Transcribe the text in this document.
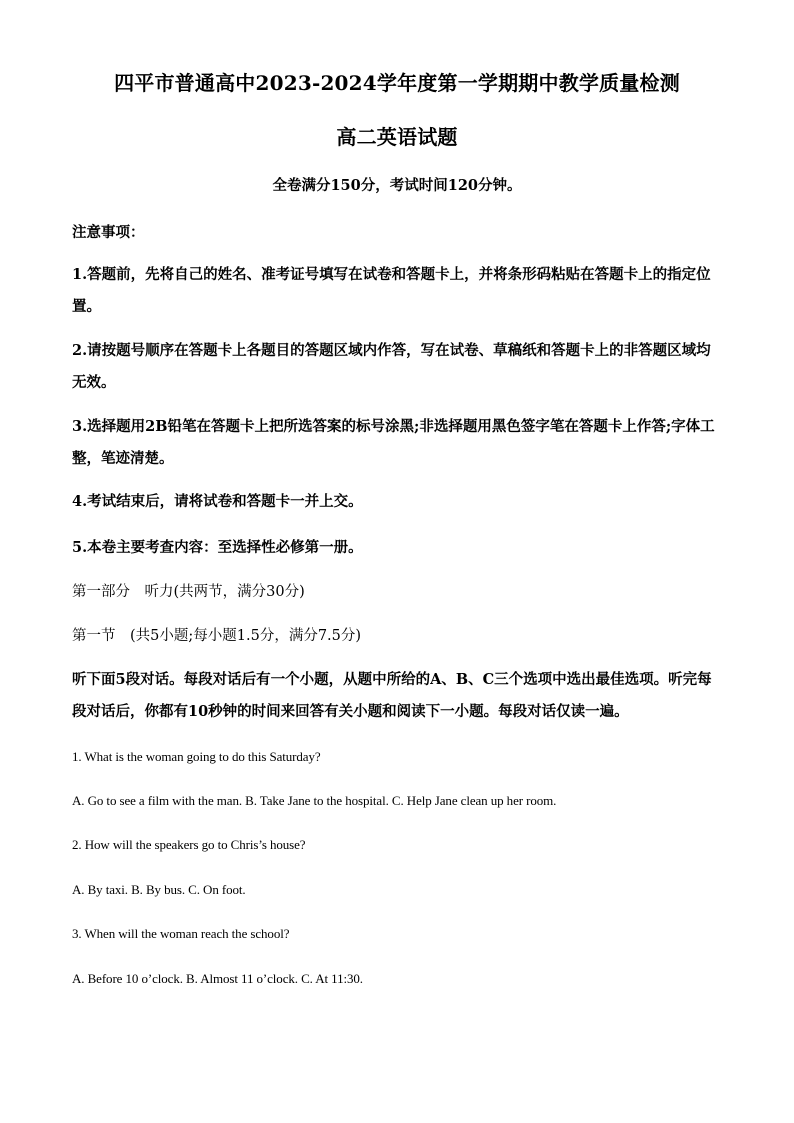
四平市普通高中2023-2024学年度第一学期期中教学质量检测
高二英语试题
全卷满分150分，考试时间120分钟。
注意事项：
1.答题前，先将自己的姓名、准考证号填写在试卷和答题卡上，并将条形码粘贴在答题卡上的指定位置。
2.请按题号顺序在答题卡上各题目的答题区域内作答，写在试卷、草稿纸和答题卡上的非答题区域均无效。
3.选择题用2B铅笔在答题卡上把所选答案的标号涂黑;非选择题用黑色签字笔在答题卡上作答;字体工整，笔迹清楚。
4.考试结束后，请将试卷和答题卡一并上交。
5.本卷主要考查内容：至选择性必修第一册。
第一部分　听力(共两节，满分30分)
第一节　(共5小题;每小题1.5分，满分7.5分)
听下面5段对话。每段对话后有一个小题，从题中所给的A、B、C三个选项中选出最佳选项。听完每段对话后，你都有10秒钟的时间来回答有关小题和阅读下一小题。每段对话仅读一遍。
1. What is the woman going to do this Saturday?
A. Go to see a film with the man. B. Take Jane to the hospital. C. Help Jane clean up her room.
2. How will the speakers go to Chris’s house?
A. By taxi. B. By bus. C. On foot.
3. When will the woman reach the school?
A. Before 10 o’clock. B. Almost 11 o’clock. C. At 11:30.
